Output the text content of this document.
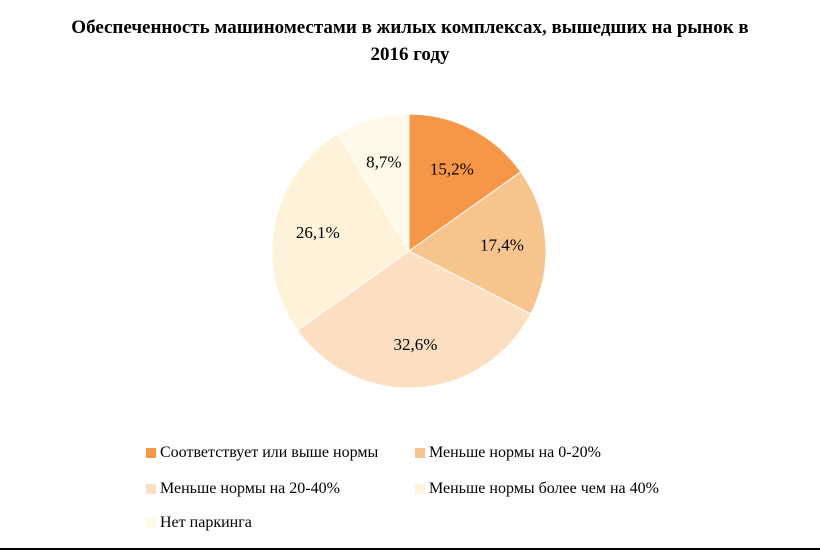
Обеспеченность машиноместами в жилых комплексах, вышедших на рынок в 2016 году
15,2%
17,4%
32,6%
26,1%
8,7%
Соответствует или выше нормы	Меньше нормы на 0-20%
Меньше нормы на 20-40%	Меньше нормы более чем на 40%
Нет паркинга
